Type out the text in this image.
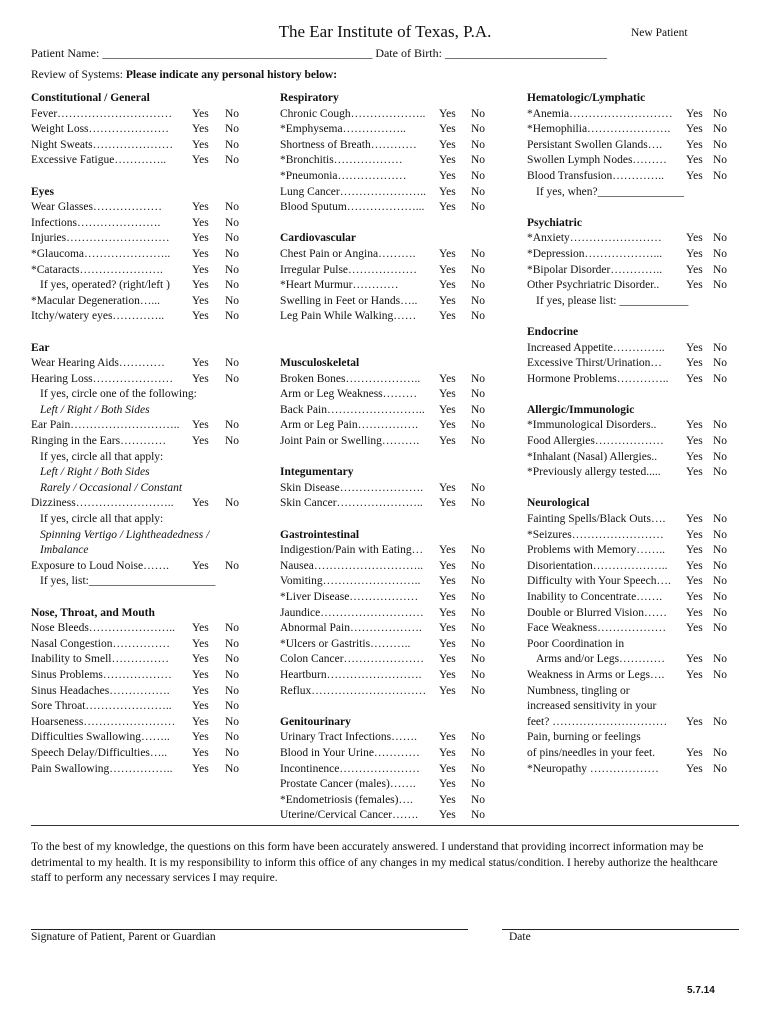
The Ear Institute of Texas, P.A.	New Patient
Patient Name: _____________________________________________ Date of Birth: ___________________________
Review of Systems: Please indicate any personal history below:
Constitutional / General
Fever………………………… Yes No
Weight Loss………………… Yes No
Night Sweats………………… Yes No
Excessive Fatigue………….. Yes No
Eyes
Wear Glasses………………	Yes No
Infections………………….	Yes No
Injuries……………………… Yes No
*Glaucoma………………….. Yes No
*Cataracts………………….	Yes No
If yes, operated? (right/left ) Yes No
*Macular Degeneration…...	Yes No
Itchy/watery eyes………….. Yes No
Ear
Wear Hearing Aids………… Yes No
Hearing Loss………………… Yes No
If yes, circle one of the following:
Left / Right / Both Sides
Ear Pain……………………….. Yes No
Ringing in the Ears………… Yes No
If yes, circle all that apply:
Left / Right / Both Sides
Rarely / Occasional / Constant
Dizziness…………………….. Yes No
If yes, circle all that apply:
Spinning Vertigo / Lightheadedness /
Imbalance
Exposure to Loud Noise……. Yes No
If yes, list:______________________
Nose, Throat, and Mouth
Nose Bleeds………………….. Yes No
Nasal Congestion…………… Yes No
Inability to Smell…………… Yes No
Sinus Problems……………… Yes No
Sinus Headaches……………. Yes No
Sore Throat………………….. Yes No
Hoarseness…………………… Yes No
Difficulties Swallowing…….. Yes No
Speech Delay/Difficulties….. Yes No
Pain Swallowing…………….. Yes No
Respiratory
Chronic Cough……………….. Yes No
*Emphysema……………..	Yes No
Shortness of Breath………… Yes No
*Bronchitis………………	Yes No
*Pneumonia………………	Yes No
Lung Cancer………………….. Yes No
Blood Sputum………………... Yes No
Cardiovascular
Chest Pain or Angina………. Yes No
Irregular Pulse……………… Yes No
*Heart Murmur…………	Yes No
Swelling in Feet or Hands….. Yes No
Leg Pain While Walking…… Yes No
Musculoskeletal
Broken Bones……………….. Yes No
Arm or Leg Weakness……… Yes No
Back Pain…………………….. Yes No
Arm or Leg Pain……………. Yes No
Joint Pain or Swelling………. Yes No
Integumentary
Skin Disease…………………. Yes No
Skin Cancer………………….. Yes No
Gastrointestinal
Indigestion/Pain with Eating… Yes No
Nausea……………………….. Yes No
Vomiting…………………….. Yes No
*Liver Disease……………… Yes No
Jaundice……………………… Yes No
Abnormal Pain………………. Yes No
*Ulcers or Gastritis……….. Yes No
Colon Cancer………………… Yes No
Heartburn……………………. Yes No
Reflux………………………… Yes No
Genitourinary
Urinary Tract Infections……. Yes No
Blood in Your Urine………… Yes No
Incontinence………………… Yes No
Prostate Cancer (males)……. Yes No
*Endometriosis (females)…. Yes No
Uterine/Cervical Cancer……. Yes No
Hematologic/Lymphatic
*Anemia……………………… Yes No
*Hemophilia…………………. Yes No
Persistant Swollen Glands…. Yes No
Swollen Lymph Nodes……… Yes No
Blood Transfusion………….. Yes No
If yes, when?_______________
Psychiatric
*Anxiety…………………… Yes No
*Depression………………... Yes No
*Bipolar Disorder………….. Yes No
Other Psychriatric Disorder.. Yes No
If yes, please list: ____________
Endocrine
Increased Appetite………….. Yes No
Excessive Thirst/Urination… Yes No
Hormone Problems………….. Yes No
Allergic/Immunologic
*Immunological Disorders..	Yes No
Food Allergies……………… Yes No
*Inhalant (Nasal) Allergies..	Yes No
*Previously allergy tested..... Yes No
Neurological
Fainting Spells/Black Outs…. Yes No
*Seizures…………………… Yes No
Problems with Memory…….. Yes No
Disorientation……………….. Yes No
Difficulty with Your Speech…. Yes No
Inability to Concentrate……. Yes No
Double or Blurred Vision…… Yes No
Face Weakness……………… Yes No
Poor Coordination in
Arms and/or Legs………… Yes No
Weakness in Arms or Legs…. Yes No
Numbness, tingling or
increased sensitivity in your
feet? ………………………… Yes No
Pain, burning or feelings
of pins/needles in your feet.	Yes No
*Neuropathy ……………… Yes No
To the best of my knowledge, the questions on this form have been accurately answered. I understand that providing incorrect information may be detrimental to my health. It is my responsibility to inform this office of any changes in my medical status/condition. I hereby authorize the healthcare staff to perform any necessary services I may require.
Signature of Patient, Parent or Guardian	Date
5.7.14
